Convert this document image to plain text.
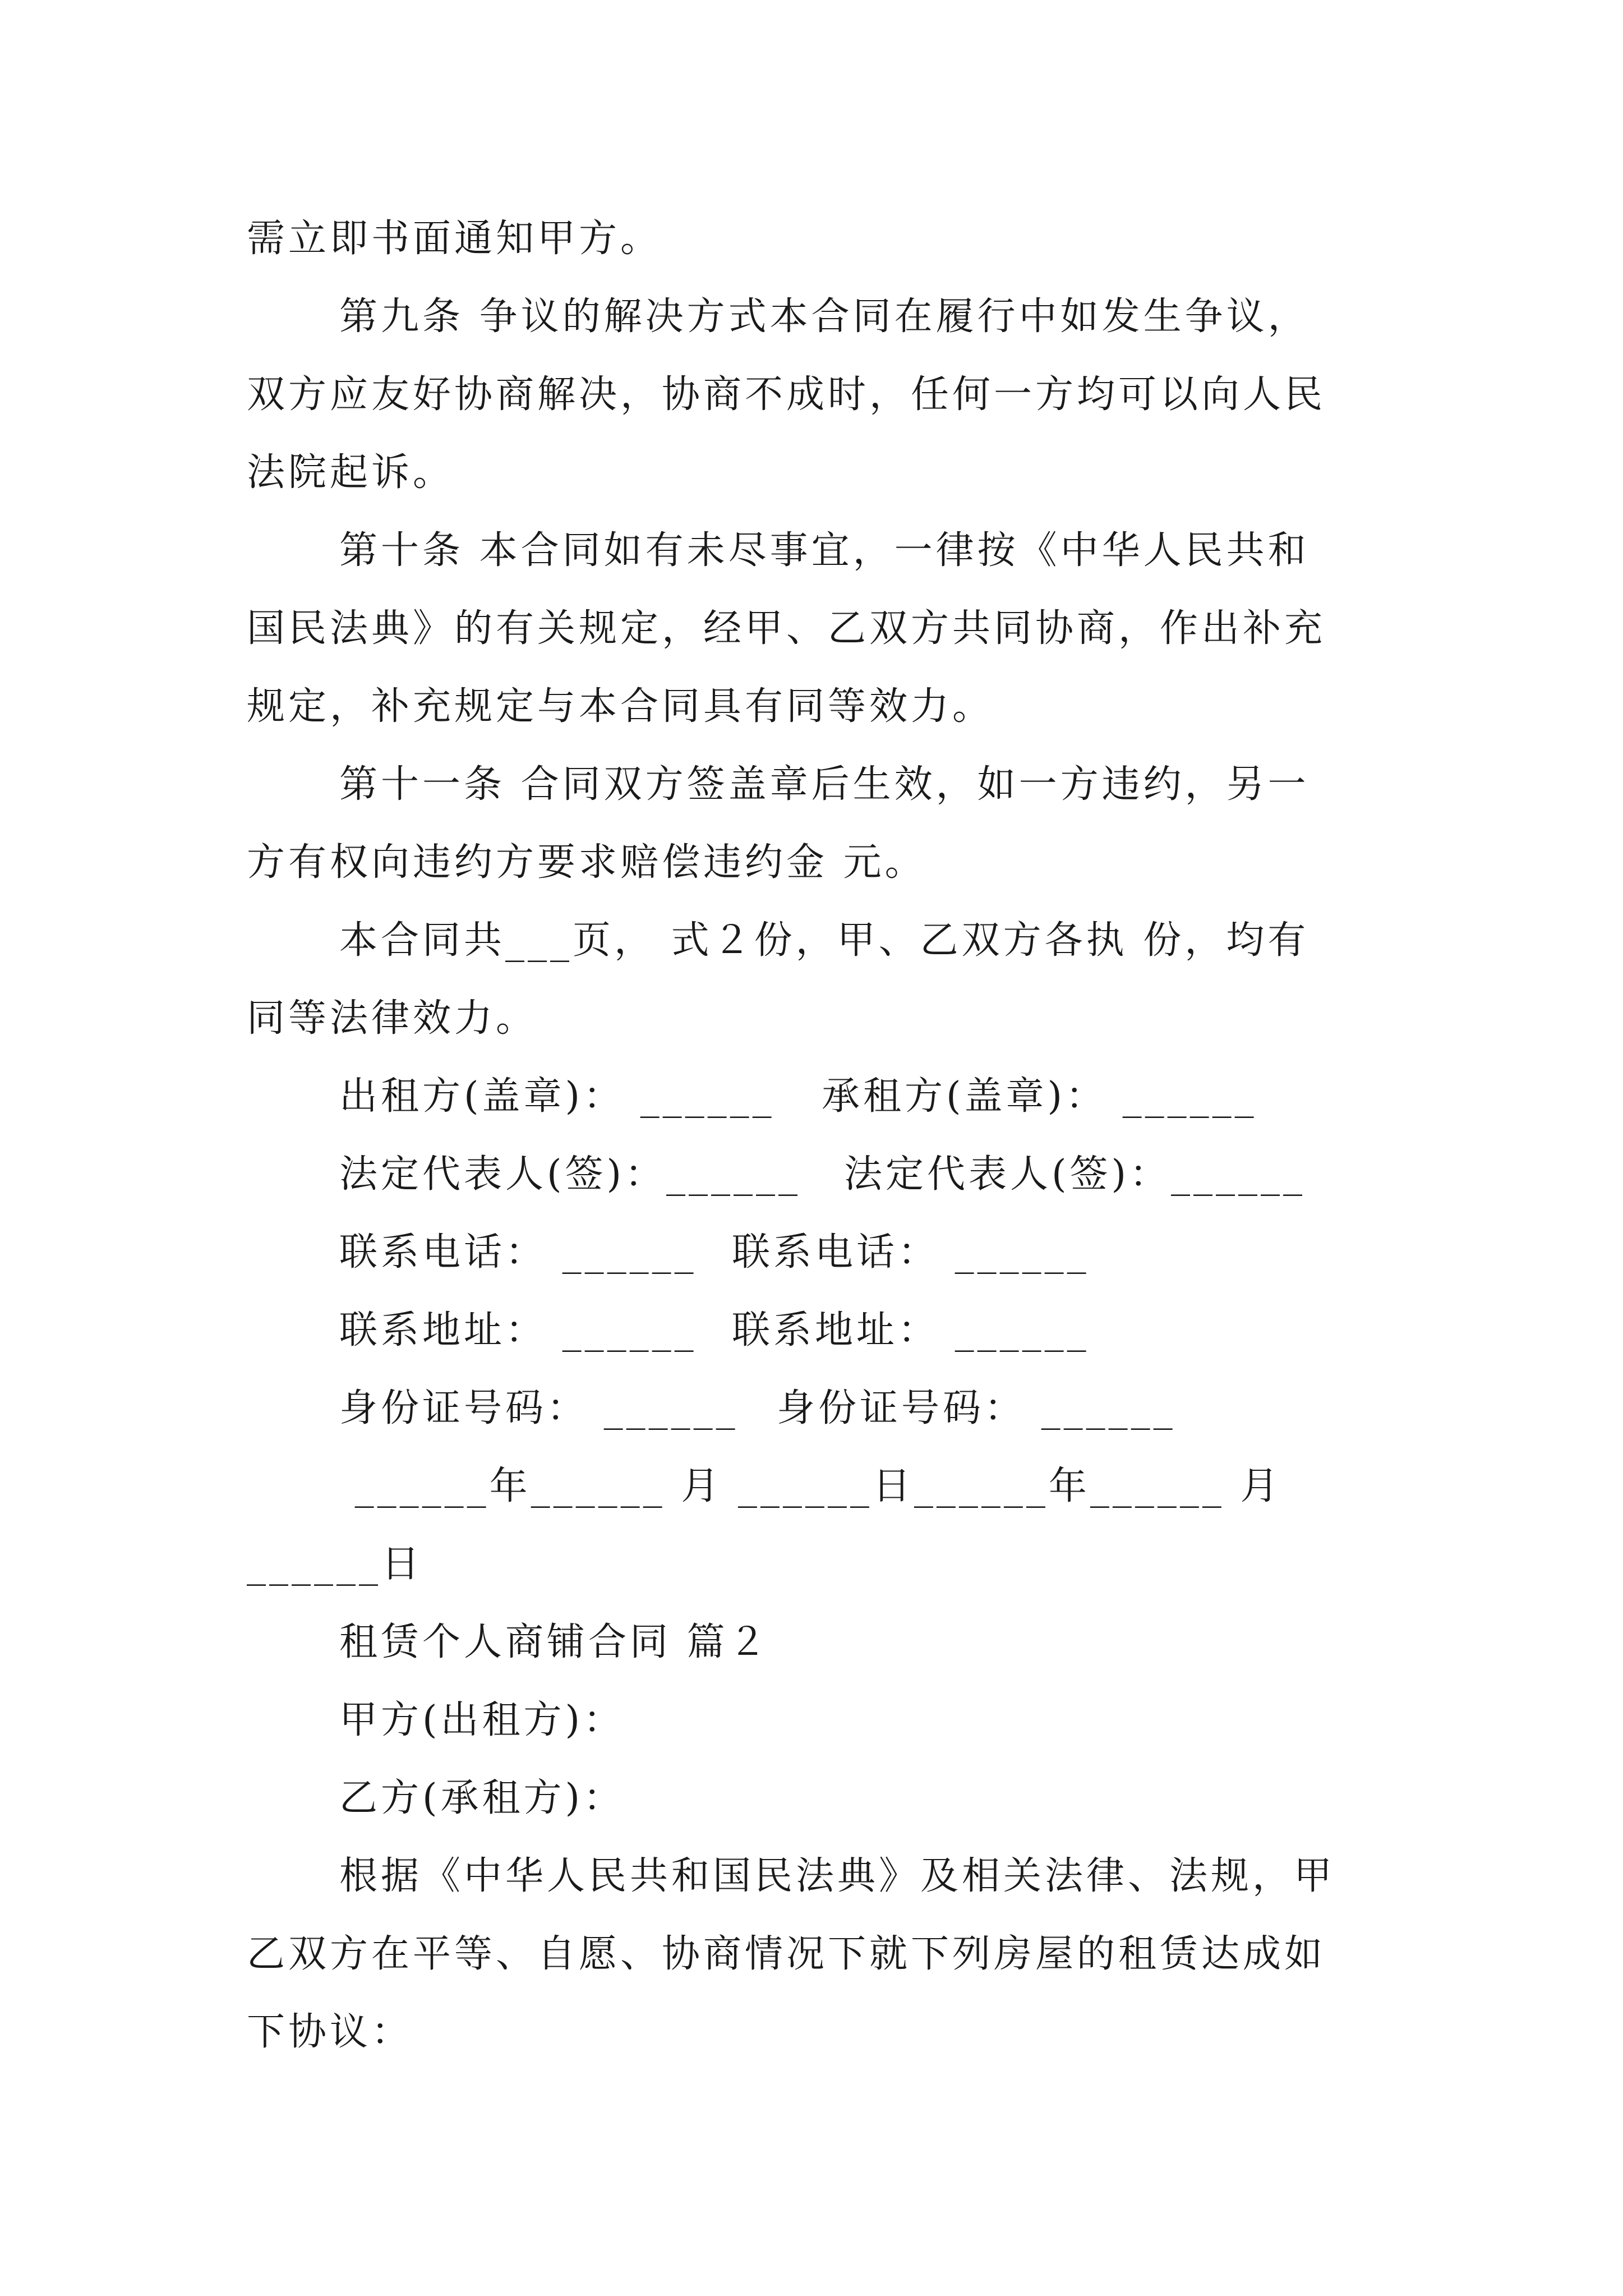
需立即书面通知甲方。
第九条 争议的解决方式本合同在履行中如发生争议，
双方应友好协商解决，协商不成时，任何一方均可以向人民
法院起诉。
第十条 本合同如有未尽事宜，一律按《中华人民共和
国民法典》的有关规定，经甲、乙双方共同协商，作出补充
规定，补充规定与本合同具有同等效力。
第十一条 合同双方签盖章后生效，如一方违约，另一
方有权向违约方要求赔偿违约金 元。
本合同共___页， 式２份，甲、乙双方各执 份，均有
同等法律效力。

出租方(盖章)： ______

承租方(盖章)： ______

法定代表人(签)：______

法定代表人(签)：______

联系电话： ______

联系电话： ______

联系地址： ______

联系地址： ______

身份证号码： ______

身份证号码： ______

______年______ 月 ______日______年______ 月
______日
租赁个人商铺合同 篇２
甲方(出租方)：
乙方(承租方)：
根据《中华人民共和国民法典》及相关法律、法规，甲
乙双方在平等、自愿、协商情况下就下列房屋的租赁达成如
下协议：
